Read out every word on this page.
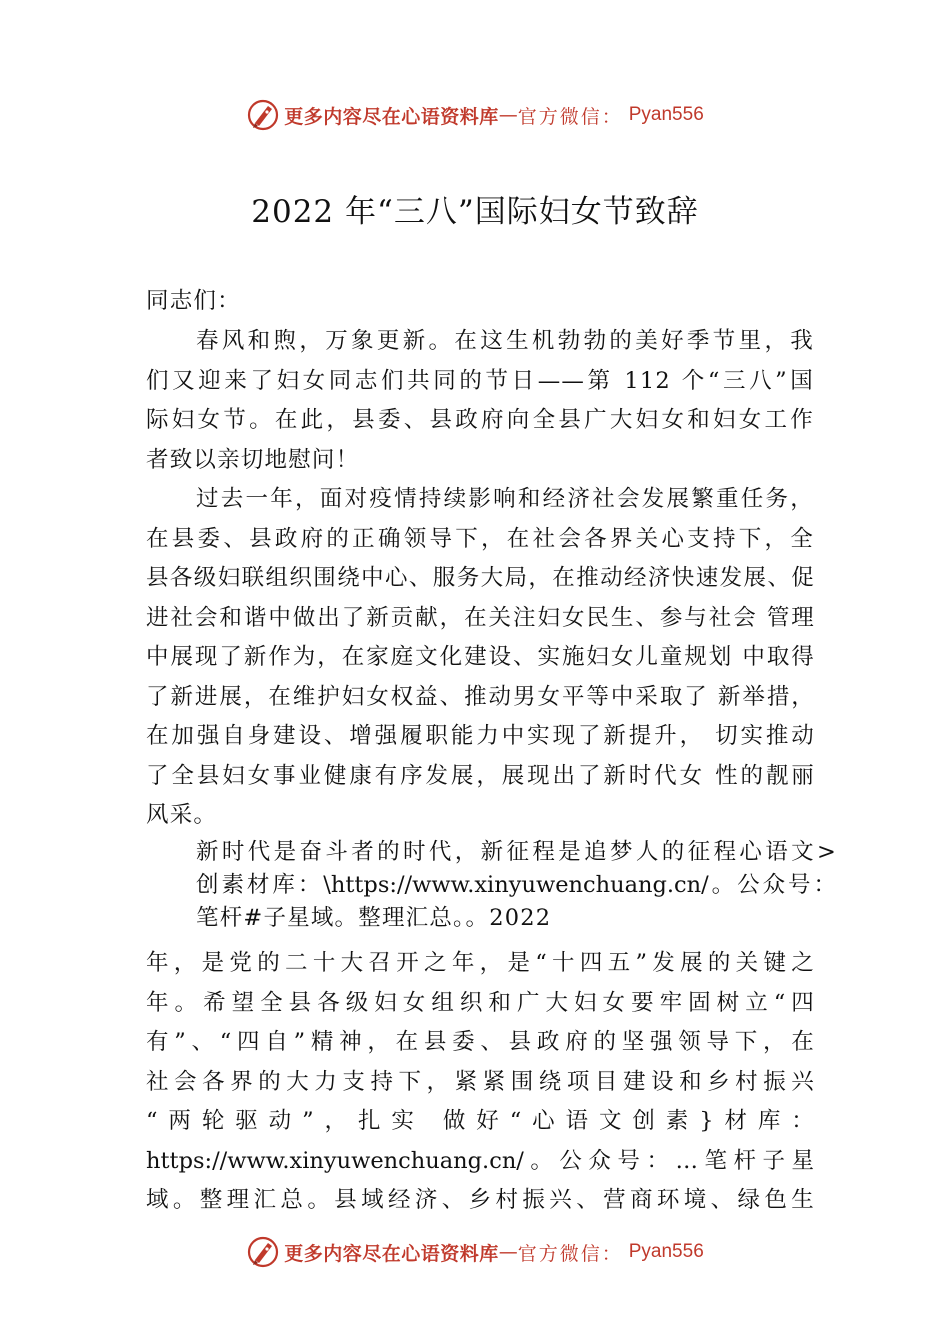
更多内容尽在心语资料库 — 官方微信： Pyan556
2022 年“三八”国际妇女节致辞
同志们：
春风和煦，万象更新。在这生机勃勃的美好季节里，我
们又迎来了妇女同志们共同的节日——第 112 个“三八”国
际妇女节。在此，县委、县政府向全县广大妇女和妇女工作
者致以亲切地慰问！
过去一年，面对疫情持续影响和经济社会发展繁重任务，
在县委、县政府的正确领导下，在社会各界关心支持下，全
县各级妇联组织围绕中心、服务大局，在推动经济快速发展、促
进社会和谐中做出了新贡献，在关注妇女民生、参与社会 管理
中展现了新作为，在家庭文化建设、实施妇女儿童规划 中取得
了新进展，在维护妇女权益、推动男女平等中采取了 新举措，
在加强自身建设、增强履职能力中实现了新提升， 切实推动
了全县妇女事业健康有序发展，展现出了新时代女 性的靓丽
风采。
新时代是奋斗者的时代，新征程是追梦人的征程心语文>
创素材库：\https://www.xinyuwenchuang.cn/。公众号：
笔杆#子星域。整理汇总。。2022
年，是党的二十大召开之年，是“十四五”发展的关键之
年。希望全县各级妇女组织和广大妇女要牢固树立“四
有”、“四自”精神，在县委、县政府的坚强领导下，在
社会各界的大力支持下，紧紧围绕项目建设和乡村振兴
“两轮驱动”，扎实 做好“心语文创素}材库：
https://www.xinyuwenchuang.cn/。公众号：…笔杆子星
域。整理汇总。县域经济、乡村振兴、营商环境、绿色生
更多内容尽在心语资料库 — 官方微信： Pyan556
